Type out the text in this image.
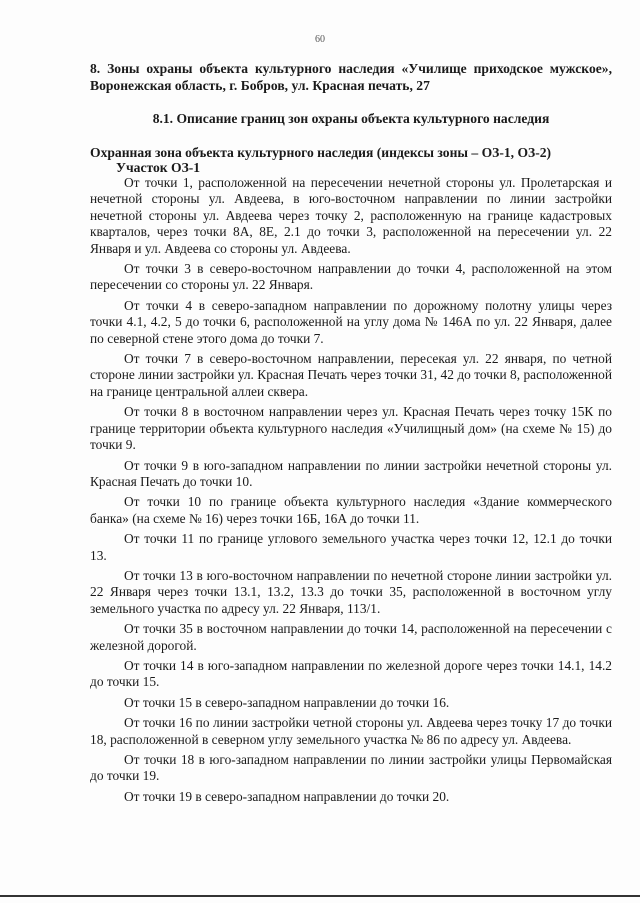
60
8. Зоны охраны объекта культурного наследия «Училище приходское мужское», Воронежская область, г. Бобров, ул. Красная печать, 27
8.1. Описание границ зон охраны объекта культурного наследия
Охранная зона объекта культурного наследия (индексы зоны – ОЗ-1, ОЗ-2)
Участок ОЗ-1

От точки 1, расположенной на пересечении нечетной стороны ул. Пролетарская и нечетной стороны ул. Авдеева, в юго-восточном направлении по линии застройки нечетной стороны ул. Авдеева через точку 2, расположенную на границе кадастровых кварталов, через точки 8А, 8Е, 2.1 до точки 3, расположенной на пересечении ул. 22 Января и ул. Авдеева со стороны ул. Авдеева.

От точки 3 в северо-восточном направлении до точки 4, расположенной на этом пересечении со стороны ул. 22 Января.

От точки 4 в северо-западном направлении по дорожному полотну улицы через точки 4.1, 4.2, 5 до точки 6, расположенной на углу дома № 146А по ул. 22 Января, далее по северной стене этого дома до точки 7.

От точки 7 в северо-восточном направлении, пересекая ул. 22 января, по четной стороне линии застройки ул. Красная Печать через точки 31, 42 до точки 8, расположенной на границе центральной аллеи сквера.

От точки 8 в восточном направлении через ул. Красная Печать через точку 15К по границе территории объекта культурного наследия «Училищный дом» (на схеме № 15) до точки 9.

От точки 9 в юго-западном направлении по линии застройки нечетной стороны ул. Красная Печать до точки 10.

От точки 10 по границе объекта культурного наследия «Здание коммерческого банка» (на схеме № 16) через точки 16Б, 16А до точки 11.

От точки 11 по границе углового земельного участка через точки 12, 12.1 до точки 13.

От точки 13 в юго-восточном направлении по нечетной стороне линии застройки ул. 22 Января через точки 13.1, 13.2, 13.3 до точки 35, расположенной в восточном углу земельного участка по адресу ул. 22 Января, 113/1.

От точки 35 в восточном направлении до точки 14, расположенной на пересечении с железной дорогой.

От точки 14 в юго-западном направлении по железной дороге через точки 14.1, 14.2 до точки 15.

От точки 15 в северо-западном направлении до точки 16.

От точки 16 по линии застройки четной стороны ул. Авдеева через точку 17 до точки 18, расположенной в северном углу земельного участка № 86 по адресу ул. Авдеева.

От точки 18 в юго-западном направлении по линии застройки улицы Первомайская до точки 19.

От точки 19 в северо-западном направлении до точки 20.
